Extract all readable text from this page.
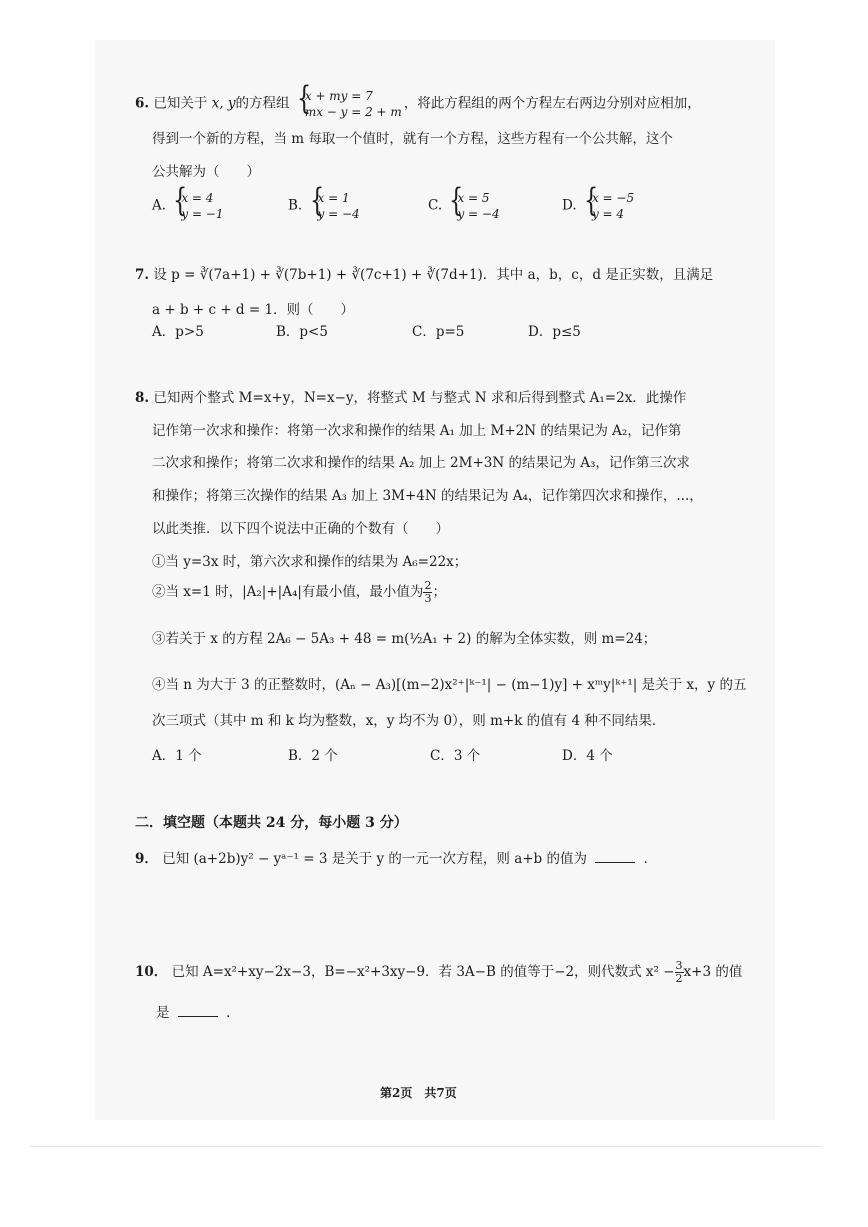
6. 已知关于 x, y的方程组 { x + my = 7
mx − y = 2 + m
，将此方程组的两个方程左右两边分别对应相加，
得到一个新的方程，当 m 每取一个值时，就有一个方程，这些方程有一个公共解，这个
公共解为（　　）
A. { x = 4
y = −1
B. { x = 1
y = −4
C. { x = 5
y = −4
D. { x = −5
y = 4
7. 设 p = ∛(7a+1) + ∛(7b+1) + ∛(7c+1) + ∛(7d+1)．其中 a，b，c，d 是正实数，且满足
a + b + c + d = 1．则（　　）
A．p>5	B．p<5	C．p=5	D．p≤5
8. 已知两个整式 M=x+y，N=x−y，将整式 M 与整式 N 求和后得到整式 A₁=2x．此操作
记作第一次求和操作：将第一次求和操作的结果 A₁ 加上 M+2N 的结果记为 A₂，记作第
二次求和操作；将第二次求和操作的结果 A₂ 加上 2M+3N 的结果记为 A₃，记作第三次求
和操作；将第三次操作的结果 A₃ 加上 3M+4N 的结果记为 A₄，记作第四次求和操作，...，
以此类推．以下四个说法中正确的个数有（　　）
①当 y=3x 时，第六次求和操作的结果为 A₆=22x；
②当 x=1 时，|A₂|+|A₄|有最小值，最小值为 $\frac{2}{3}$ ；
③若关于 x 的方程 2A₆ − 5A₃ + 48 = m(½A₁ + 2) 的解为全体实数，则 m=24；
④当 n 为大于 3 的正整数时，(Aₙ − A₃)[(m−2)x²⁺|ᵏ⁻¹| − (m−1)y] + xᵐy|ᵏ⁺¹| 是关于 x，y 的五
次三项式（其中 m 和 k 均为整数，x，y 均不为 0），则 m+k 的值有 4 种不同结果．
A．1 个	B．2 个	C．3 个	D．4 个
二．填空题（本题共 24 分，每小题 3 分）
9． 已知 (a+2b)y² − yᵃ⁻¹ = 3 是关于 y 的一元一次方程，则 a+b 的值为	．
10． 已知 A=x²+xy−2x−3，B=−x²+3xy−9．若 3A−B 的值等于−2，则代数式 $x^2 - \frac{3}{2} x+3$ 的值
是	．
第2页　共7页
